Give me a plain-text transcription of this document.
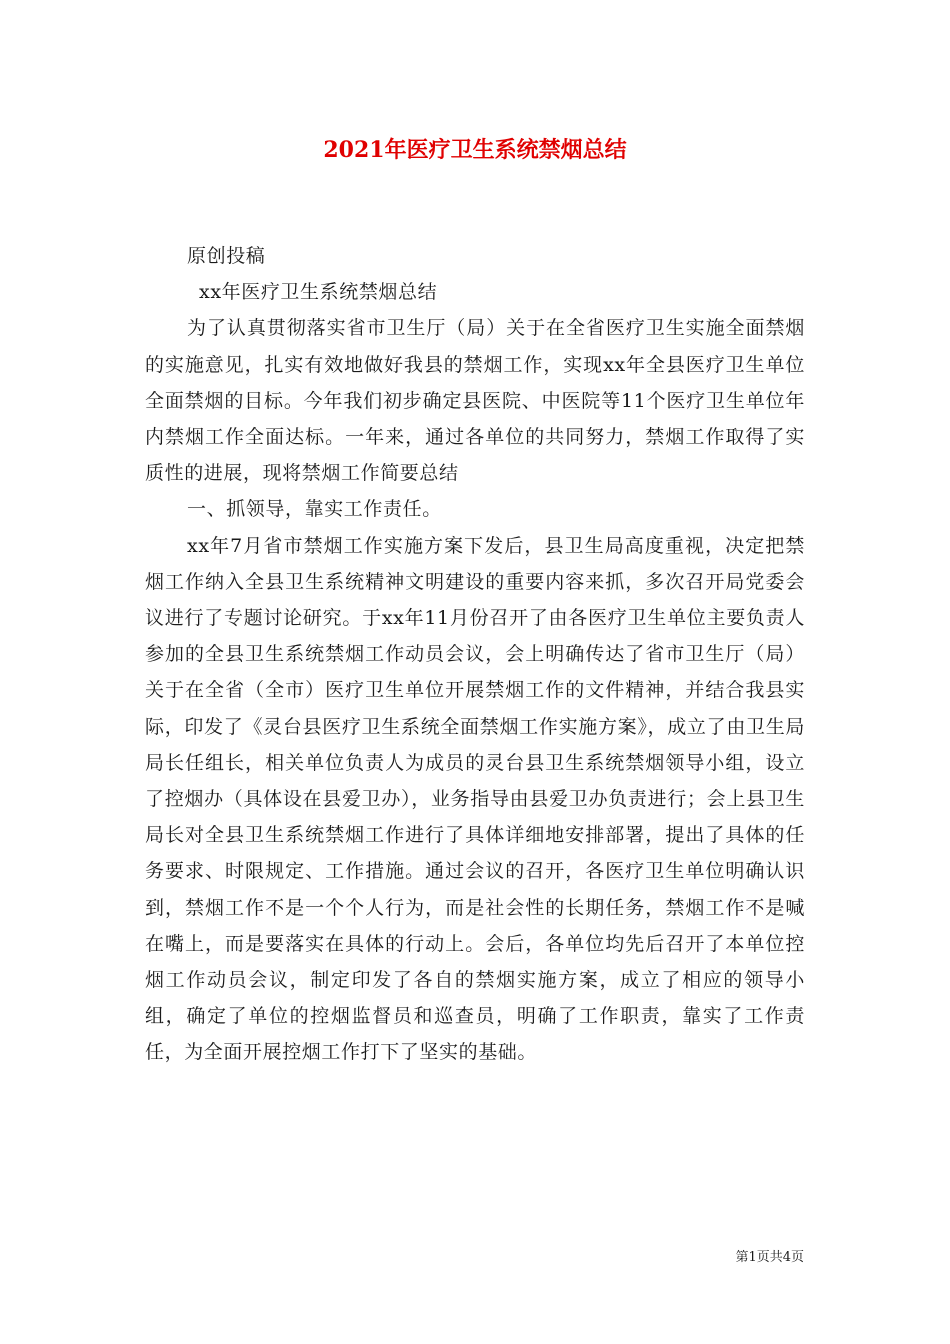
2021年医疗卫生系统禁烟总结

原创投稿

xx年医疗卫生系统禁烟总结

为了认真贯彻落实省市卫生厅（局）关于在全省医疗卫生实施全面禁烟的实施意见，扎实有效地做好我县的禁烟工作，实现xx年全县医疗卫生单位全面禁烟的目标。今年我们初步确定县医院、中医院等11个医疗卫生单位年内禁烟工作全面达标。一年来，通过各单位的共同努力，禁烟工作取得了实质性的进展，现将禁烟工作简要总结

一、抓领导，靠实工作责任。

xx年7月省市禁烟工作实施方案下发后，县卫生局高度重视，决定把禁烟工作纳入全县卫生系统精神文明建设的重要内容来抓，多次召开局党委会议进行了专题讨论研究。于xx年11月份召开了由各医疗卫生单位主要负责人参加的全县卫生系统禁烟工作动员会议，会上明确传达了省市卫生厅（局）关于在全省（全市）医疗卫生单位开展禁烟工作的文件精神，并结合我县实际，印发了《灵台县医疗卫生系统全面禁烟工作实施方案》，成立了由卫生局局长任组长，相关单位负责人为成员的灵台县卫生系统禁烟领导小组，设立了控烟办（具体设在县爱卫办），业务指导由县爱卫办负责进行；会上县卫生局长对全县卫生系统禁烟工作进行了具体详细地安排部署，提出了具体的任务要求、时限规定、工作措施。通过会议的召开，各医疗卫生单位明确认识到，禁烟工作不是一个个人行为，而是社会性的长期任务，禁烟工作不是喊在嘴上，而是要落实在具体的行动上。会后，各单位均先后召开了本单位控烟工作动员会议，制定印发了各自的禁烟实施方案，成立了相应的领导小组，确定了单位的控烟监督员和巡查员，明确了工作职责，靠实了工作责任，为全面开展控烟工作打下了坚实的基础。

第1页共4页
